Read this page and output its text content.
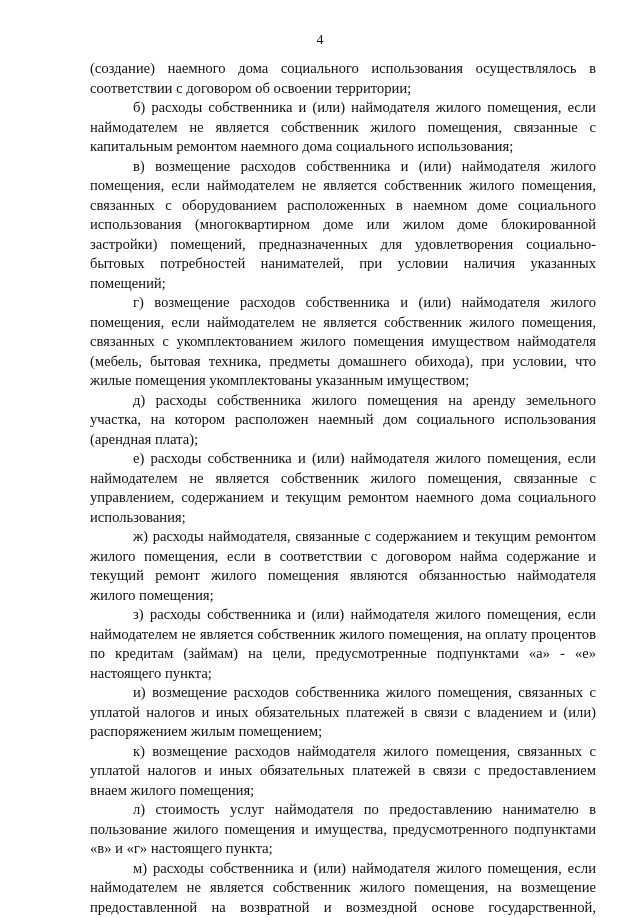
4

(создание) наемного дома социального использования осуществлялось в соответствии с договором об освоении территории;

б) расходы собственника и (или) наймодателя жилого помещения, если наймодателем не является собственник жилого помещения, связанные с капитальным ремонтом наемного дома социального использования;

в) возмещение расходов собственника и (или) наймодателя жилого помещения, если наймодателем не является собственник жилого помещения, связанных с оборудованием расположенных в наемном доме социального использования (многоквартирном доме или жилом доме блокированной застройки) помещений, предназначенных для удовлетворения социально-бытовых потребностей нанимателей, при условии наличия указанных помещений;

г) возмещение расходов собственника и (или) наймодателя жилого помещения, если наймодателем не является собственник жилого помещения, связанных с укомплектованием жилого помещения имуществом наймодателя (мебель, бытовая техника, предметы домашнего обихода), при условии, что жилые помещения укомплектованы указанным имуществом;

д) расходы собственника жилого помещения на аренду земельного участка, на котором расположен наемный дом социального использования (арендная плата);

е) расходы собственника и (или) наймодателя жилого помещения, если наймодателем не является собственник жилого помещения, связанные с управлением, содержанием и текущим ремонтом наемного дома социального использования;

ж) расходы наймодателя, связанные с содержанием и текущим ремонтом жилого помещения, если в соответствии с договором найма содержание и текущий ремонт жилого помещения являются обязанностью наймодателя жилого помещения;

з) расходы собственника и (или) наймодателя жилого помещения, если наймодателем не является собственник жилого помещения, на оплату процентов по кредитам (займам) на цели, предусмотренные подпунктами «а» - «е» настоящего пункта;

и) возмещение расходов собственника жилого помещения, связанных с уплатой налогов и иных обязательных платежей в связи с владением и (или) распоряжением жилым помещением;

к) возмещение расходов наймодателя жилого помещения, связанных с уплатой налогов и иных обязательных платежей в связи с предоставлением внаем жилого помещения;

л) стоимость услуг наймодателя по предоставлению нанимателю в пользование жилого помещения и имущества, предусмотренного подпунктами «в» и «г» настоящего пункта;

м) расходы собственника и (или) наймодателя жилого помещения, если наймодателем не является собственник жилого помещения, на возмещение предоставленной на возвратной и возмездной основе государственной,
